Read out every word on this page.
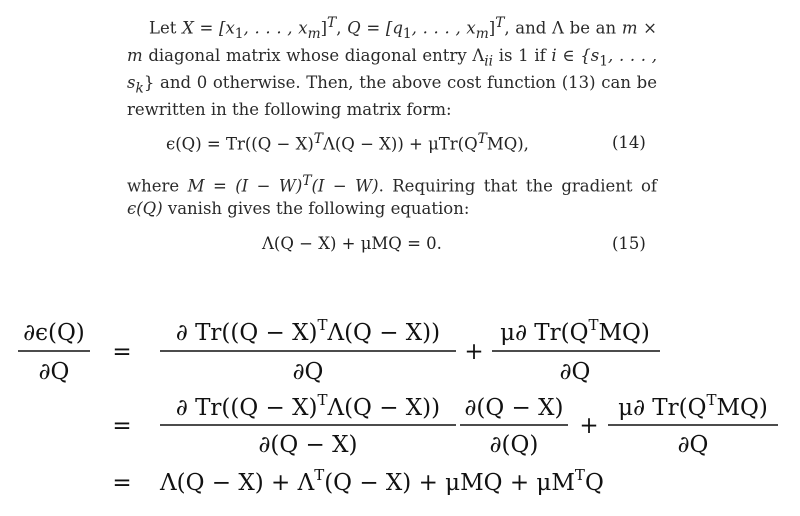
Let $X = [x_1$, . . . , $x_m]^T$, $Q = [q_1$, . . . , $x_m]^T$, and Λ be an m × m diagonal matrix whose diagonal entry $\Lambda_{ii}$ is 1 if i ∈ {$s_1$, . . . , $s_k$} and 0 otherwise. Then, the above cost function (13) can be rewritten in the following matrix form:
$\epsilon(Q) = Tr((Q - X)^T\Lambda(Q - X)) + \mu Tr(Q^TMQ)$,	(14)
where $M = (I - W)^T(I - W)$. Requiring that the gradient of ϵ(Q) vanish gives the following equation:
Λ(Q − X) + μMQ = 0.	(15)
∂ϵ(Q)
∂Q
=
∂ $Tr((Q - X)^T\Lambda(Q - X))$
∂Q
+
μ∂ $Tr(Q^TMQ)$
∂Q
=
∂ $Tr((Q - X)^T\Lambda(Q - X))$
∂(Q − X)
∂(Q − X)
∂(Q)
+
μ∂ $Tr(Q^TMQ)$
∂Q
= $\Lambda(Q - X) + \Lambda^T(Q - X) + \mu MQ + \mu M^TQ$
